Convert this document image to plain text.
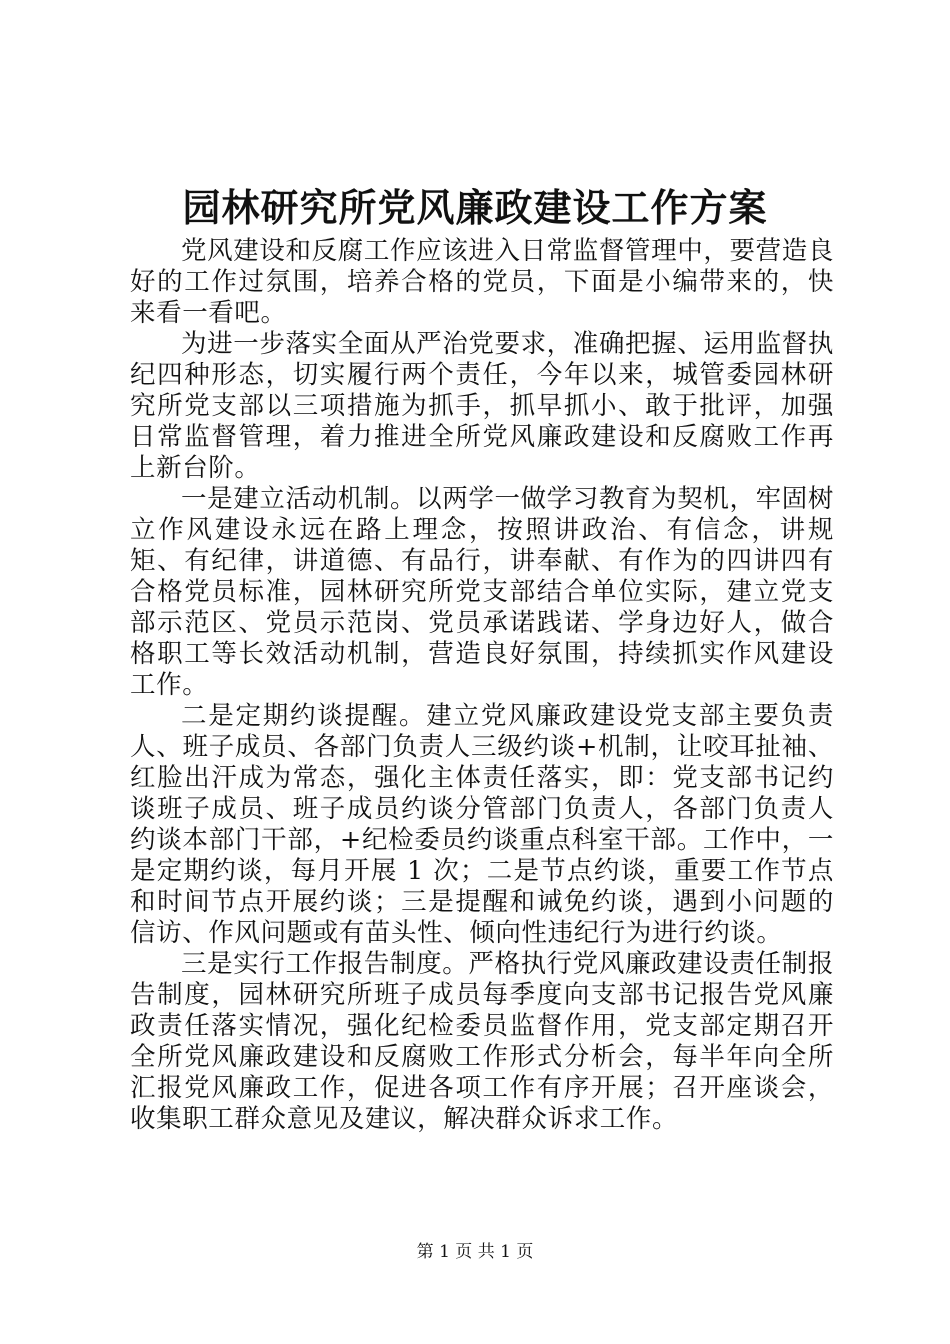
园林研究所党风廉政建设工作方案

党风建设和反腐工作应该进入日常监督管理中，要营造良好的工作过氛围，培养合格的党员，下面是小编带来的，快来看一看吧。

为进一步落实全面从严治党要求，准确把握、运用监督执纪四种形态，切实履行两个责任，今年以来，城管委园林研究所党支部以三项措施为抓手，抓早抓小、敢于批评，加强日常监督管理，着力推进全所党风廉政建设和反腐败工作再上新台阶。

一是建立活动机制。以两学一做学习教育为契机，牢固树立作风建设永远在路上理念，按照讲政治、有信念，讲规矩、有纪律，讲道德、有品行，讲奉献、有作为的四讲四有合格党员标准，园林研究所党支部结合单位实际，建立党支部示范区、党员示范岗、党员承诺践诺、学身边好人，做合格职工等长效活动机制，营造良好氛围，持续抓实作风建设工作。

二是定期约谈提醒。建立党风廉政建设党支部主要负责人、班子成员、各部门负责人三级约谈+机制，让咬耳扯袖、红脸出汗成为常态，强化主体责任落实，即：党支部书记约谈班子成员、班子成员约谈分管部门负责人，各部门负责人约谈本部门干部，+纪检委员约谈重点科室干部。工作中，一是定期约谈，每月开展 1 次；二是节点约谈，重要工作节点和时间节点开展约谈；三是提醒和诫免约谈，遇到小问题的信访、作风问题或有苗头性、倾向性违纪行为进行约谈。

三是实行工作报告制度。严格执行党风廉政建设责任制报告制度，园林研究所班子成员每季度向支部书记报告党风廉政责任落实情况，强化纪检委员监督作用，党支部定期召开全所党风廉政建设和反腐败工作形式分析会，每半年向全所汇报党风廉政工作，促进各项工作有序开展；召开座谈会，收集职工群众意见及建议，解决群众诉求工作。

第 1 页 共 1 页
